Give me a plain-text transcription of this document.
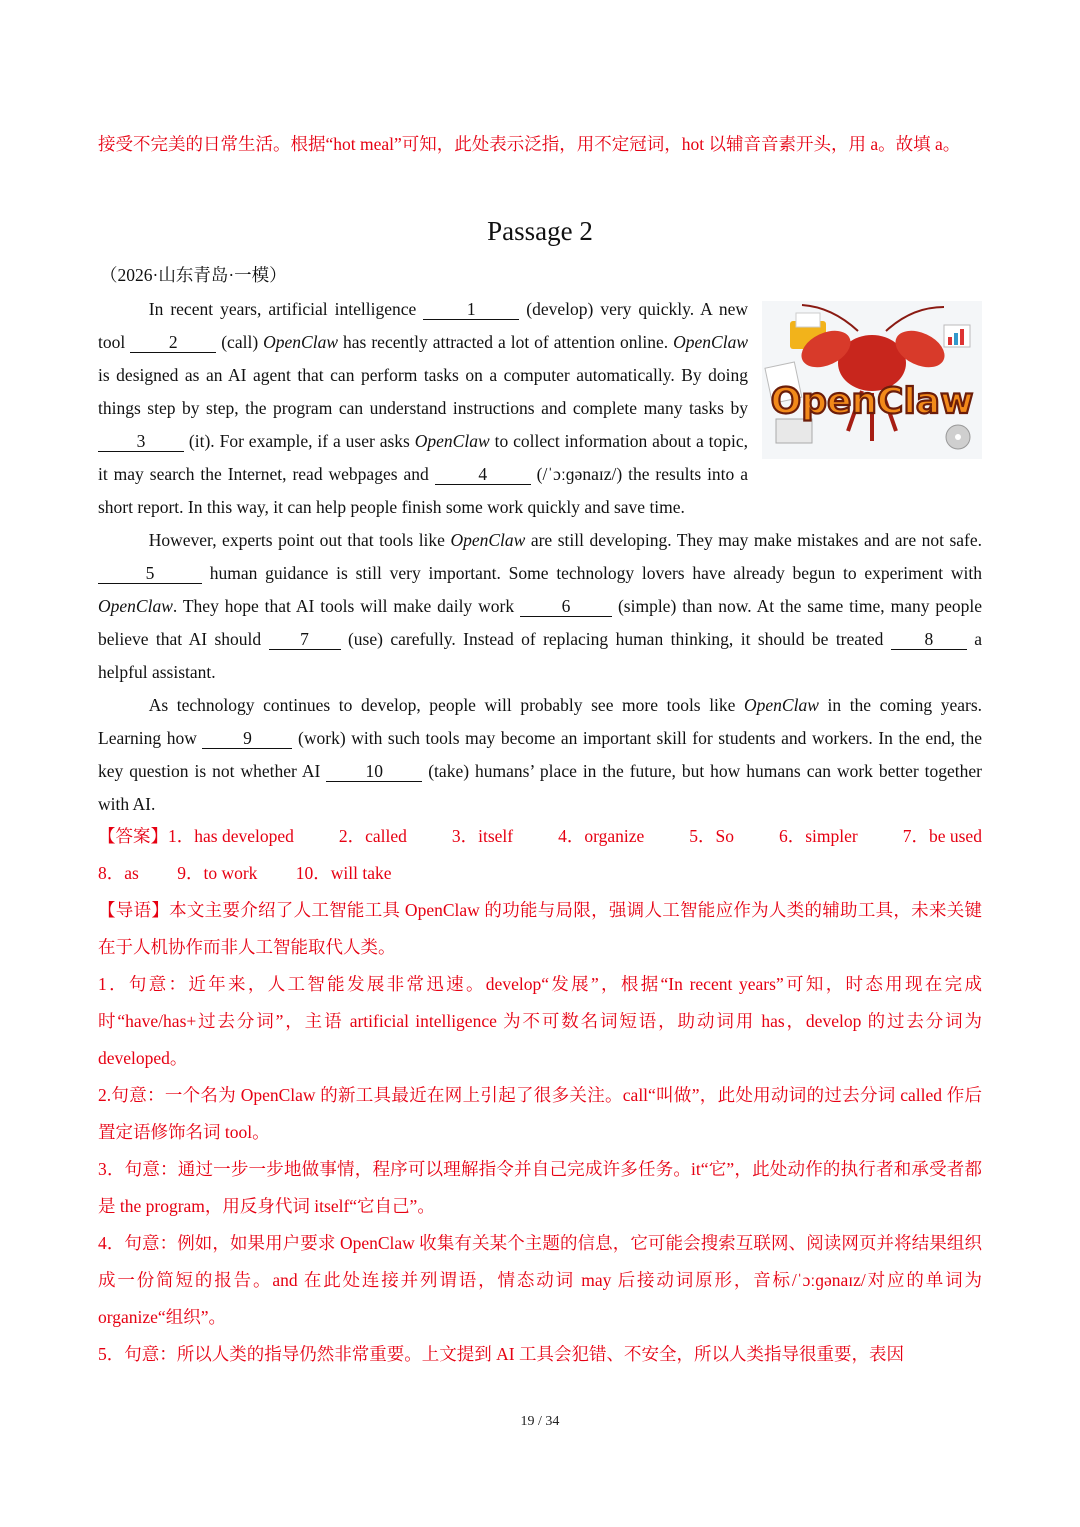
接受不完美的日常生活。根据“hot meal”可知，此处表示泛指，用不定冠词，hot 以辅音音素开头，用 a。故填 a。
Passage 2
（2026·山东青岛·一模）
OpenClaw

In recent years, artificial intelligence	1	(develop) very quickly. A new tool 2 (call) OpenClaw has recently attracted a lot of attention online. OpenClaw is designed as an AI agent that can perform tasks on a computer automatically. By doing things step by step, the program can understand instructions and complete many tasks by 3 (it). For example, if a user asks OpenClaw to collect information about a topic, it may search the Internet, read webpages and	4	(/ˈɔːɡənaɪz/) the results into a short report. In this way, it can help people finish some work quickly and save time.

However, experts point out that tools like OpenClaw are still developing. They may make mistakes and are not safe. 5	human guidance is still very important. Some technology lovers have already begun to experiment with OpenClaw. They hope that AI tools will make daily work	6	(simple) than now. At the same time, many people believe that AI should 7 (use) carefully. Instead of replacing human thinking, it should be treated 8 a helpful assistant.

As technology continues to develop, people will probably see more tools like OpenClaw in the coming years. Learning how	9	(work) with such tools may become an important skill for students and workers. In the end, the key question is not whether AI	10	(take) humans’ place in the future, but how humans can work better together with AI.

【答案】1．has developed	2．called	3．itself	4．organize	5．So	6．simpler	7．be used
8．as 9．to work 10．will take

【导语】本文主要介绍了人工智能工具 OpenClaw 的功能与局限，强调人工智能应作为人类的辅助工具，未来关键在于人机协作而非人工智能取代人类。

1．句意：近年来，人工智能发展非常迅速。develop“发展”，根据“In recent years”可知，时态用现在完成时“have/has+过去分词”，主语 artificial intelligence 为不可数名词短语，助动词用 has，develop 的过去分词为 developed。

2.句意：一个名为 OpenClaw 的新工具最近在网上引起了很多关注。call“叫做”，此处用动词的过去分词 called 作后置定语修饰名词 tool。

3．句意：通过一步一步地做事情，程序可以理解指令并自己完成许多任务。it“它”，此处动作的执行者和承受者都是 the program，用反身代词 itself“它自己”。

4．句意：例如，如果用户要求 OpenClaw 收集有关某个主题的信息，它可能会搜索互联网、阅读网页并将结果组织成一份简短的报告。and 在此处连接并列谓语，情态动词 may 后接动词原形，音标/ˈɔːɡənaɪz/对应的单词为 organize“组织”。

5．句意：所以人类的指导仍然非常重要。上文提到 AI 工具会犯错、不安全，所以人类指导很重要，表因

19 / 34
